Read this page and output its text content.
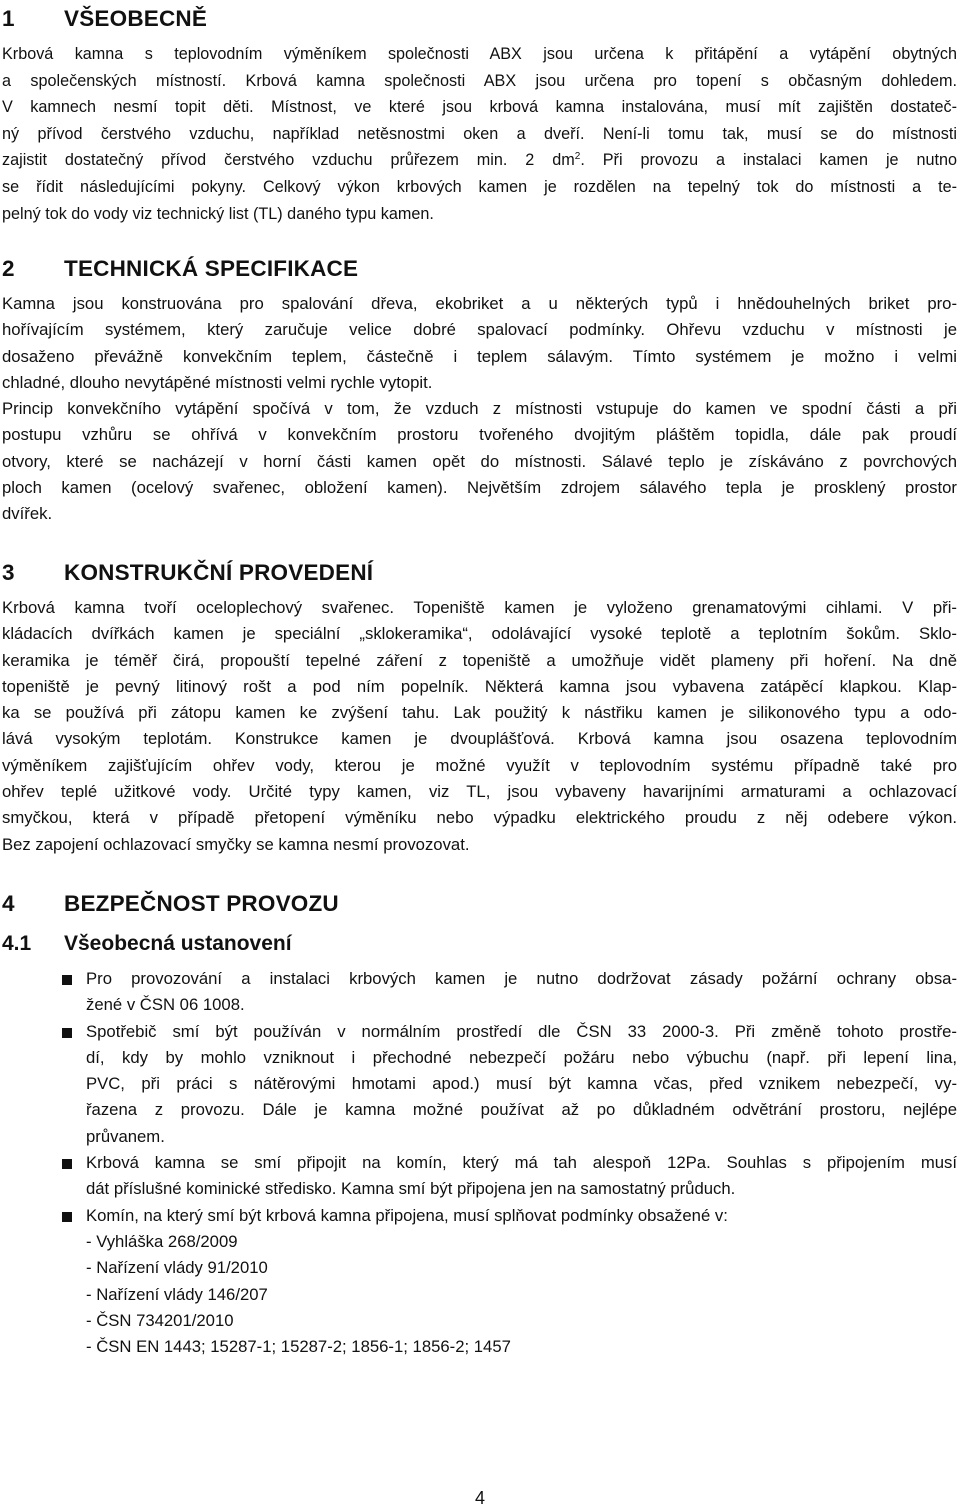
1 VŠEOBECNĚ
Krbová kamna s teplovodním výměníkem společnosti ABX jsou určena k přitápění a vytápění obytných
a společenských místností. Krbová kamna společnosti ABX jsou určena pro topení s občasným dohledem.
V kamnech nesmí topit děti. Místnost, ve které jsou krbová kamna instalována, musí mít zajištěn dostateč-
ný přívod čerstvého vzduchu, například netěsnostmi oken a dveří. Není-li tomu tak, musí se do místnosti
zajistit dostatečný přívod čerstvého vzduchu průřezem min. 2 $dm^2$. Při provozu a instalaci kamen je nutno
se řídit následujícími pokyny. Celkový výkon krbových kamen je rozdělen na tepelný tok do místnosti a te-
pelný tok do vody viz technický list (TL) daného typu kamen.
2 TECHNICKÁ SPECIFIKACE
Kamna jsou konstruována pro spalování dřeva, ekobriket a u některých typů i hnědouhelných briket pro-
hořívajícím systémem, který zaručuje velice dobré spalovací podmínky. Ohřevu vzduchu v místnosti je
dosaženo převážně konvekčním teplem, částečně i teplem sálavým. Tímto systémem je možno i velmi
chladné, dlouho nevytápěné místnosti velmi rychle vytopit.
Princip konvekčního vytápění spočívá v tom, že vzduch z místnosti vstupuje do kamen ve spodní části a při
postupu vzhůru se ohřívá v konvekčním prostoru tvořeného dvojitým pláštěm topidla, dále pak proudí
otvory, které se nacházejí v horní části kamen opět do místnosti. Sálavé teplo je získáváno z povrchových
ploch kamen (ocelový svařenec, obložení kamen). Největším zdrojem sálavého tepla je prosklený prostor
dvířek.
3 KONSTRUKČNÍ PROVEDENÍ
Krbová kamna tvoří oceloplechový svařenec. Topeniště kamen je vyloženo grenamatovými cihlami. V při-
kládacích dvířkách kamen je speciální „sklokeramika“, odolávající vysoké teplotě a teplotním šokům. Sklo-
keramika je téměř čirá, propouští tepelné záření z topeniště a umožňuje vidět plameny při hoření. Na dně
topeniště je pevný litinový rošt a pod ním popelník. Některá kamna jsou vybavena zatápěcí klapkou. Klap-
ka se používá při zátopu kamen ke zvýšení tahu. Lak použitý k nástřiku kamen je silikonového typu a odo-
lává vysokým teplotám. Konstrukce kamen je dvouplášťová. Krbová kamna jsou osazena teplovodním
výměníkem zajišťujícím ohřev vody, kterou je možné využít v teplovodním systému případně také pro
ohřev teplé užitkové vody. Určité typy kamen, viz TL, jsou vybaveny havarijními armaturami a ochlazovací
smyčkou, která v případě přetopení výměníku nebo výpadku elektrického proudu z něj odebere výkon.
Bez zapojení ochlazovací smyčky se kamna nesmí provozovat.
4 BEZPEČNOST PROVOZU
4.1 Všeobecná ustanovení
Pro provozování a instalaci krbových kamen je nutno dodržovat zásady požární ochrany obsa-
žené v ČSN 06 1008.
Spotřebič smí být používán v normálním prostředí dle ČSN 33 2000-3. Při změně tohoto prostře-
dí, kdy by mohlo vzniknout i přechodné nebezpečí požáru nebo výbuchu (např. při lepení lina,
PVC, při práci s nátěrovými hmotami apod.) musí být kamna včas, před vznikem nebezpečí, vy-
řazena z provozu. Dále je kamna možné používat až po důkladném odvětrání prostoru, nejlépe
průvanem.
Krbová kamna se smí připojit na komín, který má tah alespoň 12Pa. Souhlas s připojením musí
dát příslušné kominické středisko. Kamna smí být připojena jen na samostatný průduch.
Komín, na který smí být krbová kamna připojena, musí splňovat podmínky obsažené v:
- Vyhláška 268/2009
- Nařízení vlády 91/2010
- Nařízení vlády 146/207
- ČSN 734201/2010
- ČSN EN 1443; 15287-1; 15287-2; 1856-1; 1856-2; 1457
4
